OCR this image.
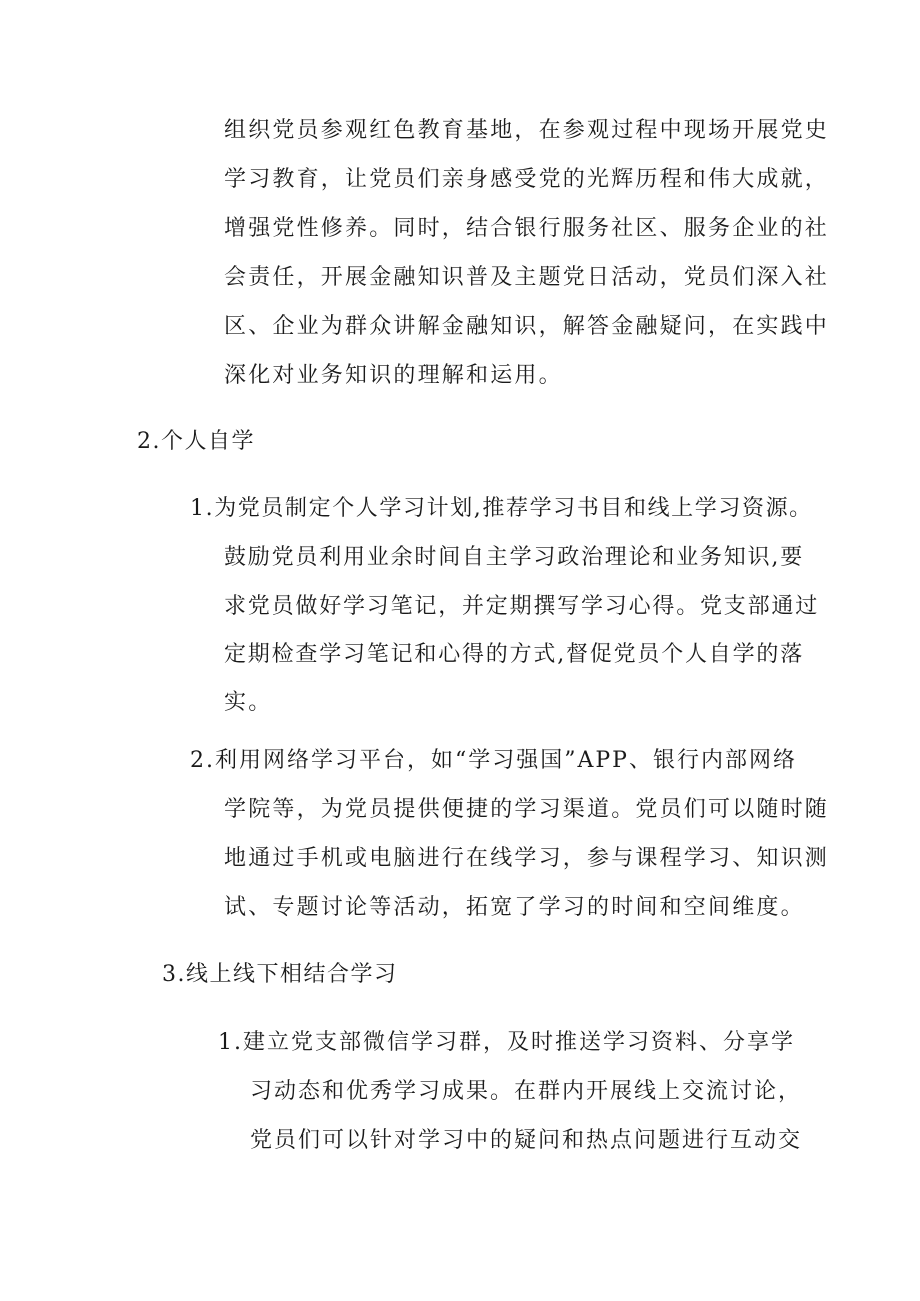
组织党员参观红色教育基地，在参观过程中现场开展党史
学习教育，让党员们亲身感受党的光辉历程和伟大成就，
增强党性修养。同时，结合银行服务社区、服务企业的社
会责任，开展金融知识普及主题党日活动，党员们深入社
区、企业为群众讲解金融知识，解答金融疑问，在实践中
深化对业务知识的理解和运用。
2.个人自学
1.为党员制定个人学习计划,推荐学习书目和线上学习资源。
鼓励党员利用业余时间自主学习政治理论和业务知识,要
求党员做好学习笔记，并定期撰写学习心得。党支部通过
定期检查学习笔记和心得的方式,督促党员个人自学的落
实。
2.利用网络学习平台，如“学习强国”APP、银行内部网络
学院等，为党员提供便捷的学习渠道。党员们可以随时随
地通过手机或电脑进行在线学习，参与课程学习、知识测
试、专题讨论等活动，拓宽了学习的时间和空间维度。
3.线上线下相结合学习
1.建立党支部微信学习群，及时推送学习资料、分享学
习动态和优秀学习成果。在群内开展线上交流讨论，
党员们可以针对学习中的疑问和热点问题进行互动交
